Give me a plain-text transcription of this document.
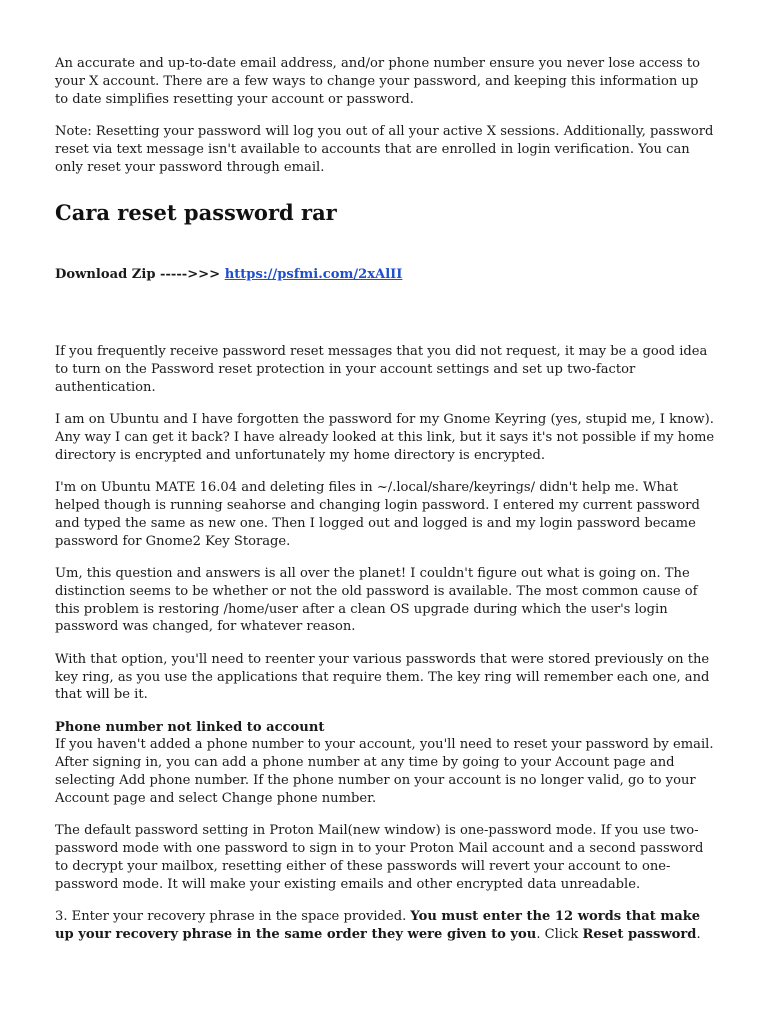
An accurate and up-to-date email address, and/or phone number ensure you never lose access to your X account. There are a few ways to change your password, and keeping this information up to date simplifies resetting your account or password.

Note: Resetting your password will log you out of all your active X sessions. Additionally, password reset via text message isn't available to accounts that are enrolled in login verification. You can only reset your password through email.

Cara reset password rar

Download Zip ----->>> https://psfmi.com/2xAlII

If you frequently receive password reset messages that you did not request, it may be a good idea to turn on the Password reset protection in your account settings and set up two-factor authentication.

I am on Ubuntu and I have forgotten the password for my Gnome Keyring (yes, stupid me, I know). Any way I can get it back? I have already looked at this link, but it says it's not possible if my home directory is encrypted and unfortunately my home directory is encrypted.

I'm on Ubuntu MATE 16.04 and deleting files in ~/.local/share/keyrings/ didn't help me. What helped though is running seahorse and changing login password. I entered my current password and typed the same as new one. Then I logged out and logged is and my login password became password for Gnome2 Key Storage.

Um, this question and answers is all over the planet! I couldn't figure out what is going on. The distinction seems to be whether or not the old password is available. The most common cause of this problem is restoring /home/user after a clean OS upgrade during which the user's login password was changed, for whatever reason.

With that option, you'll need to reenter your various passwords that were stored previously on the key ring, as you use the applications that require them. The key ring will remember each one, and that will be it.

Phone number not linked to account
If you haven't added a phone number to your account, you'll need to reset your password by email. After signing in, you can add a phone number at any time by going to your Account page and selecting Add phone number. If the phone number on your account is no longer valid, go to your Account page and select Change phone number.

The default password setting in Proton Mail(new window) is one-password mode. If you use two-password mode with one password to sign in to your Proton Mail account and a second password to decrypt your mailbox, resetting either of these passwords will revert your account to one-password mode. It will make your existing emails and other encrypted data unreadable.

3. Enter your recovery phrase in the space provided. You must enter the 12 words that make up your recovery phrase in the same order they were given to you. Click Reset password.
